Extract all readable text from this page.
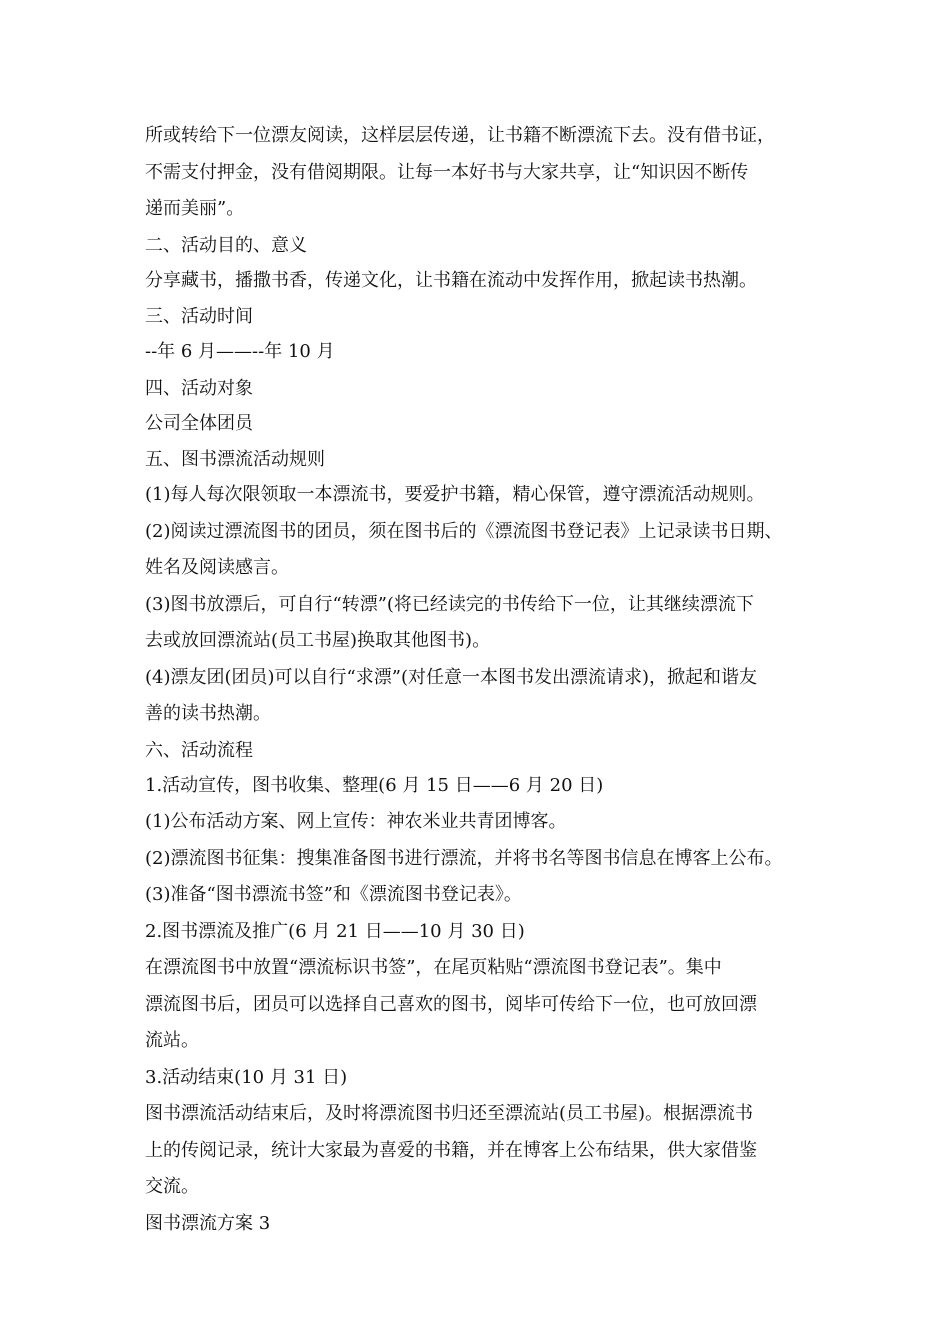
所或转给下一位漂友阅读，这样层层传递，让书籍不断漂流下去。没有借书证，

不需支付押金，没有借阅期限。让每一本好书与大家共享，让“知识因不断传

递而美丽”。

二、活动目的、意义

分享藏书，播撒书香，传递文化，让书籍在流动中发挥作用，掀起读书热潮。

三、活动时间

--年 6 月——--年 10 月

四、活动对象

公司全体团员

五、图书漂流活动规则

(1)每人每次限领取一本漂流书，要爱护书籍，精心保管，遵守漂流活动规则。

(2)阅读过漂流图书的团员，须在图书后的《漂流图书登记表》上记录读书日期、

姓名及阅读感言。

(3)图书放漂后，可自行“转漂”(将已经读完的书传给下一位，让其继续漂流下

去或放回漂流站(员工书屋)换取其他图书)。

(4)漂友团(团员)可以自行“求漂”(对任意一本图书发出漂流请求)，掀起和谐友

善的读书热潮。

六、活动流程

1.活动宣传，图书收集、整理(6 月 15 日——6 月 20 日)

(1)公布活动方案、网上宣传：神农米业共青团博客。

(2)漂流图书征集：搜集准备图书进行漂流，并将书名等图书信息在博客上公布。

(3)准备“图书漂流书签”和《漂流图书登记表》。

2.图书漂流及推广(6 月 21 日——10 月 30 日)

在漂流图书中放置“漂流标识书签”，在尾页粘贴“漂流图书登记表”。集中

漂流图书后，团员可以选择自己喜欢的图书，阅毕可传给下一位，也可放回漂

流站。

3.活动结束(10 月 31 日)

图书漂流活动结束后，及时将漂流图书归还至漂流站(员工书屋)。根据漂流书

上的传阅记录，统计大家最为喜爱的书籍，并在博客上公布结果，供大家借鉴

交流。

图书漂流方案 3
